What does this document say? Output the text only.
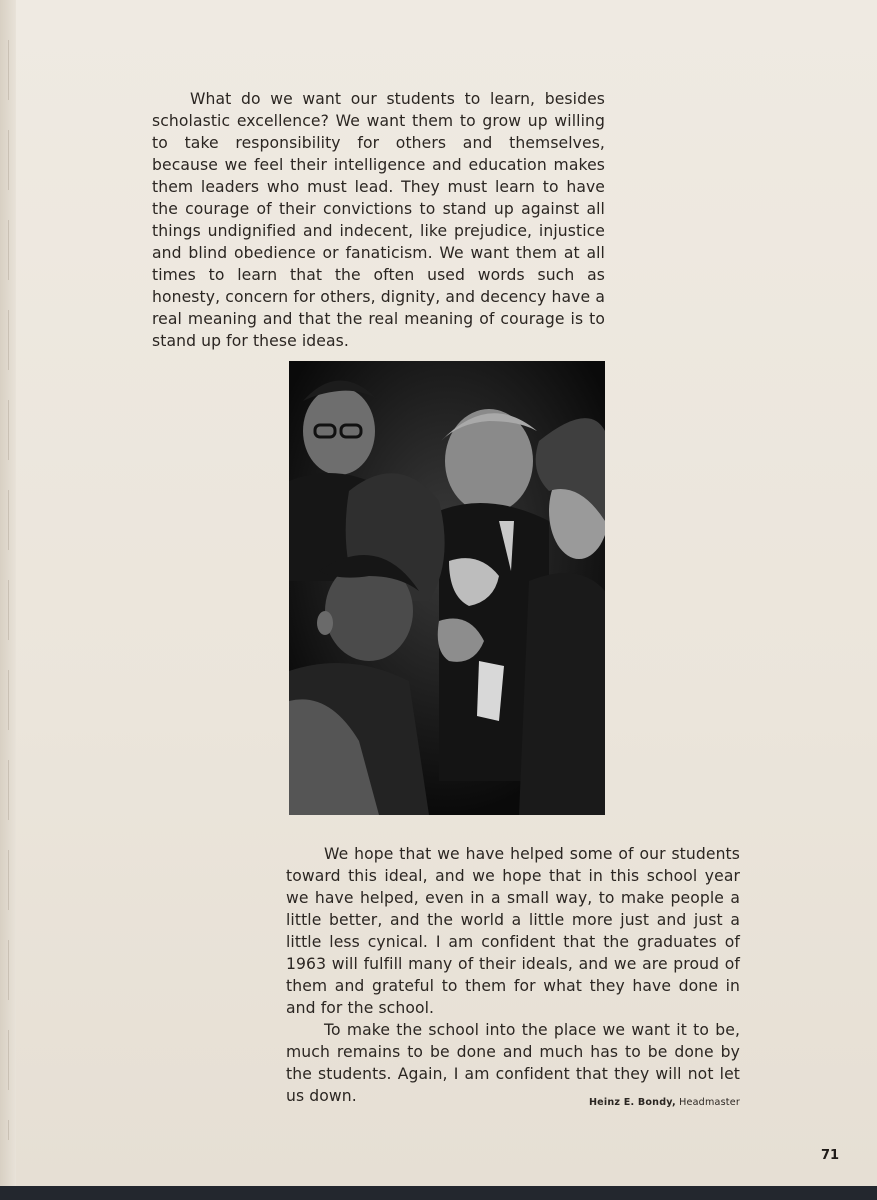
What do we want our students to learn, besides scholastic excellence? We want them to grow up willing to take responsibility for others and themselves, because we feel their intelligence and education makes them leaders who must lead. They must learn to have the courage of their convictions to stand up against all things undignified and indecent, like prejudice, injustice and blind obedience or fanaticism. We want them at all times to learn that the often used words such as honesty, concern for others, dignity, and decency have a real meaning and that the real meaning of courage is to stand up for these ideas.

We hope that we have helped some of our students toward this ideal, and we hope that in this school year we have helped, even in a small way, to make people a little better, and the world a little more just and just a little less cynical. I am confident that the graduates of 1963 will fulfill many of their ideals, and we are proud of them and grateful to them for what they have done in and for the school.

To make the school into the place we want it to be, much remains to be done and much has to be done by the students. Again, I am confident that they will not let us down.	Heinz E. Bondy, Headmaster
71
